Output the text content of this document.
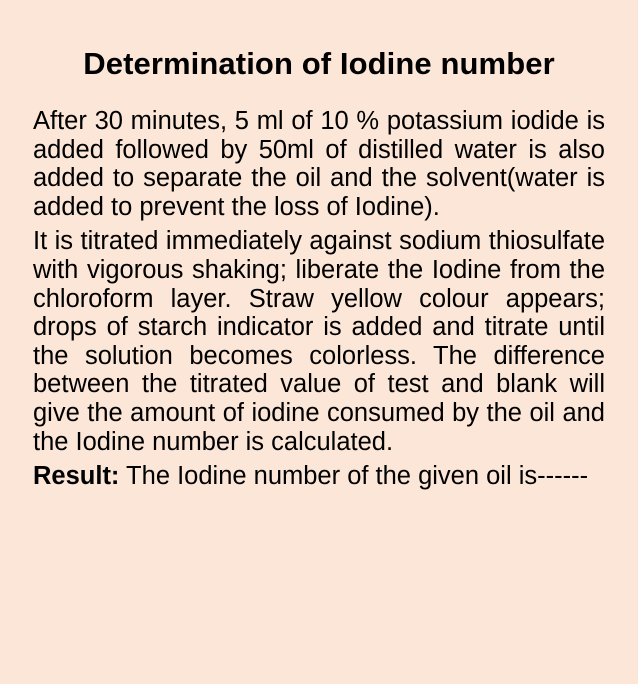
Determination of Iodine number

After 30 minutes, 5 ml of 10 % potassium iodide is added followed by 50ml of distilled water is also added to separate the oil and the solvent(water is added to prevent the loss of Iodine).

It is titrated immediately against sodium thiosulfate with vigorous shaking; liberate the Iodine from the chloroform layer. Straw yellow colour appears; drops of starch indicator is added and titrate until the solution becomes colorless. The difference between the titrated value of test and blank will give the amount of iodine consumed by the oil and the Iodine number is calculated.

Result: The Iodine number of the given oil is------
